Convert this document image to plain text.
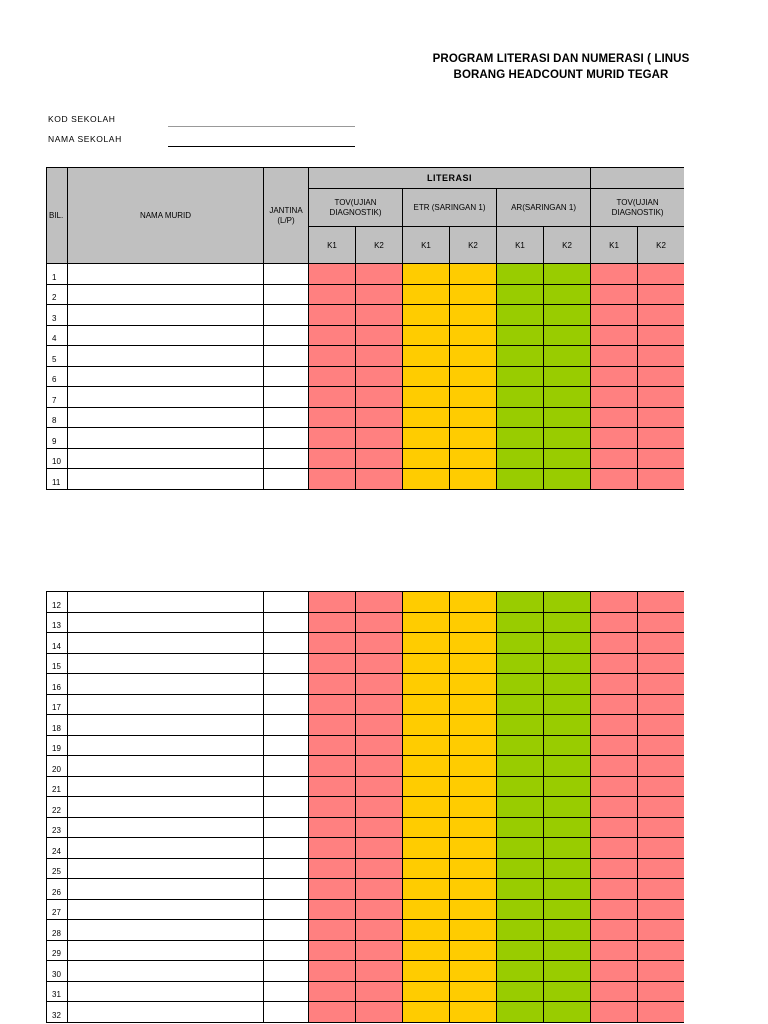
PROGRAM LITERASI DAN NUMERASI ( LINUS
BORANG HEADCOUNT MURID TEGAR
KOD SEKOLAH
NAMA SEKOLAH
BIL.	NAMA MURID	JANTINA (L/P)	LITERASI								
			TOV(UJIAN DIAGNOSTIK)		ETR (SARINGAN 1)		AR(SARINGAN 1)		TOV(UJIAN DIAGNOSTIK)		
			K1	K2	K1	K2	K1	K2	K1	K2	
1											
2											
3											
4											
5											
6											
7											
8											
9											
10											
11											
12											
13											
14											
15											
16											
17											
18											
19											
20											
21											
22											
23											
24											
25											
26											
27											
28											
29											
30											
31											
32											
